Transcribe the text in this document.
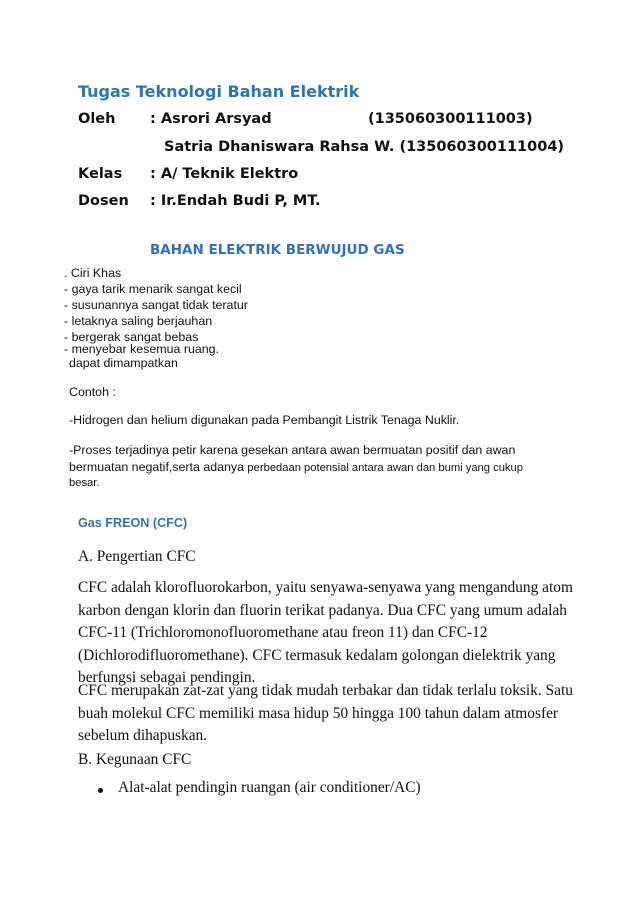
Tugas Teknologi Bahan Elektrik
Oleh : Asrori Arsyad	(135060300111003)
Satria Dhaniswara Rahsa W. (135060300111004)
Kelas : A/ Teknik Elektro
Dosen : Ir.Endah Budi P, MT.
BAHAN ELEKTRIK BERWUJUD GAS
. Ciri Khas
- gaya tarik menarik sangat kecil
- susunannya sangat tidak teratur
- letaknya saling berjauhan
- bergerak sangat bebas
- menyebar kesemua ruang.
dapat dimampatkan
Contoh :
-Hidrogen dan helium digunakan pada Pembangit Listrik Tenaga Nuklir.
-Proses terjadinya petir karena gesekan antara awan bermuatan positif dan awan
bermuatan negatif,serta adanya perbedaan potensial antara awan dan bumi yang cukup
besar.
Gas FREON (CFC)
A. Pengertian CFC
CFC adalah klorofluorokarbon, yaitu senyawa-senyawa yang mengandung atom karbon dengan klorin dan fluorin terikat padanya. Dua CFC yang umum adalah CFC-11 (Trichloromonofluoromethane atau freon 11) dan CFC-12 (Dichlorodifluoromethane). CFC termasuk kedalam golongan dielektrik yang berfungsi sebagai pendingin.
CFC merupakan zat-zat yang tidak mudah terbakar dan tidak terlalu toksik. Satu buah molekul CFC memiliki masa hidup 50 hingga 100 tahun dalam atmosfer sebelum dihapuskan.
B. Kegunaan CFC
Alat-alat pendingin ruangan (air conditioner/AC)
